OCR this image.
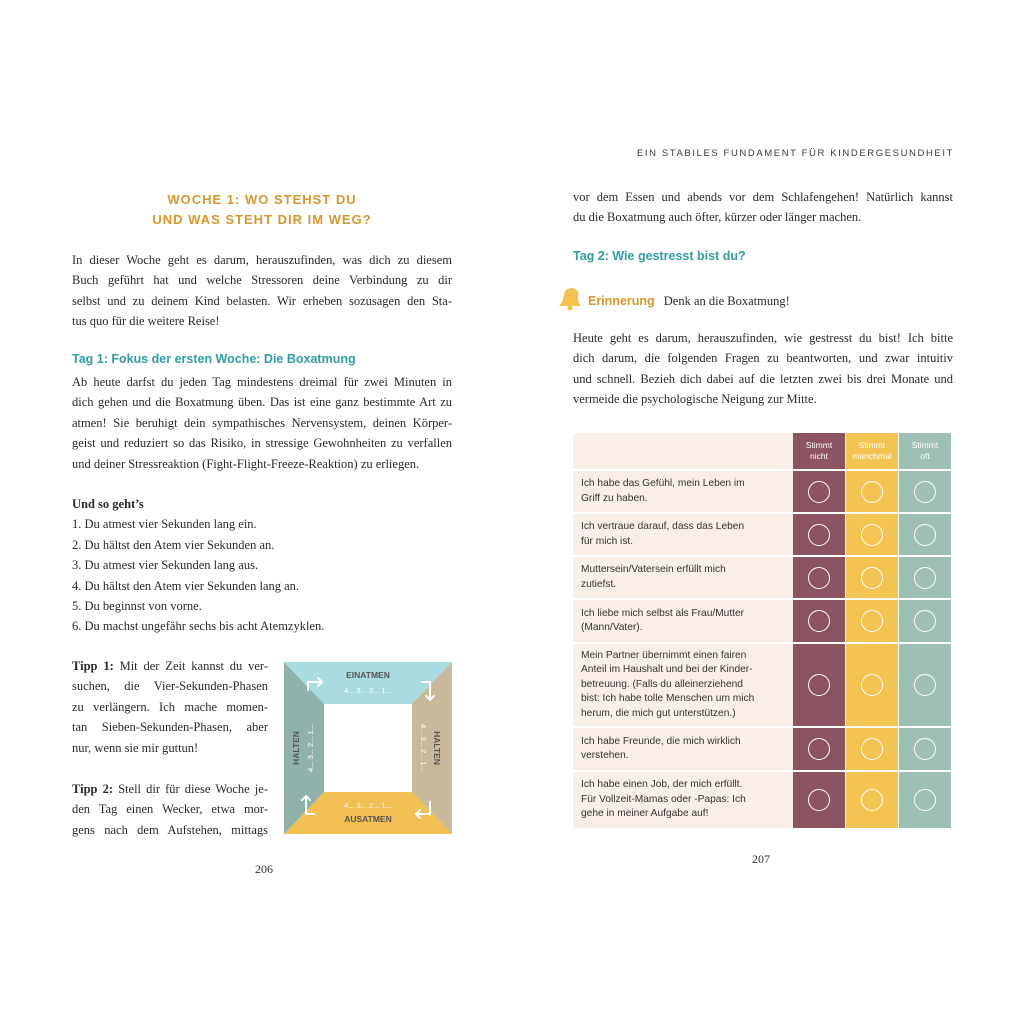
EIN STABILES FUNDAMENT FÜR KINDERGESUNDHEIT
WOCHE 1: WO STEHST DU
UND WAS STEHT DIR IM WEG?
In dieser Woche geht es darum, herauszufinden, was dich zu diesem
Buch geführt hat und welche Stressoren deine Verbindung zu dir
selbst und zu deinem Kind belasten. Wir erheben sozusagen den Sta-
tus quo für die weitere Reise!
Tag 1: Fokus der ersten Woche: Die Boxatmung
Ab heute darfst du jeden Tag mindestens dreimal für zwei Minuten in
dich gehen und die Boxatmung üben. Das ist eine ganz bestimmte Art zu
atmen! Sie beruhigt dein sympathisches Nervensystem, deinen Körper-
geist und reduziert so das Risiko, in stressige Gewohnheiten zu verfallen
und deiner Stressreaktion (Fight-Flight-Freeze-Reaktion) zu erliegen.
Und so geht’s
1. Du atmest vier Sekunden lang ein.
2. Du hältst den Atem vier Sekunden an.
3. Du atmest vier Sekunden lang aus.
4. Du hältst den Atem vier Sekunden lang an.
5. Du beginnst von vorne.
6. Du machst ungefähr sechs bis acht Atemzyklen.
Tipp 1: Mit der Zeit kannst du ver-
suchen, die Vier-Sekunden-Phasen
zu verlängern. Ich mache momen-
tan Sieben-Sekunden-Phasen, aber
nur, wenn sie mir guttun!
Tipp 2: Stell dir für diese Woche je-
den Tag einen Wecker, etwa mor-
gens nach dem Aufstehen, mittags
EINATMEN
4... 3... 2... 1...
4... 3... 2... 1...
AUSATMEN
HALTEN 4... 3... 2... 1...	HALTEN
4... 3... 2... 1...
206
vor dem Essen und abends vor dem Schlafengehen! Natürlich kannst
du die Boxatmung auch öfter, kürzer oder länger machen.
Tag 2: Wie gestresst bist du?
Erinnerung Denk an die Boxatmung!
Heute geht es darum, herauszufinden, wie gestresst du bist! Ich bitte
dich darum, die folgenden Fragen zu beantworten, und zwar intuitiv
und schnell. Bezieh dich dabei auf die letzten zwei bis drei Monate und
vermeide die psychologische Neigung zur Mitte.
Stimmt
nicht
Stimmt
manchmal
Stimmt
oft
Ich habe das Gefühl, mein Leben im
Griff zu haben.
Ich vertraue darauf, dass das Leben
für mich ist.
Muttersein/Vatersein erfüllt mich
zutiefst.
Ich liebe mich selbst als Frau/Mutter
(Mann/Vater).
Mein Partner übernimmt einen fairen
Anteil im Haushalt und bei der Kinder-
betreuung. (Falls du alleinerziehend
bist: Ich habe tolle Menschen um mich
herum, die mich gut unterstützen.)
Ich habe Freunde, die mich wirklich
verstehen.
Ich habe einen Job, der mich erfüllt.
Für Vollzeit-Mamas oder -Papas: Ich
gehe in meiner Aufgabe auf!
207
